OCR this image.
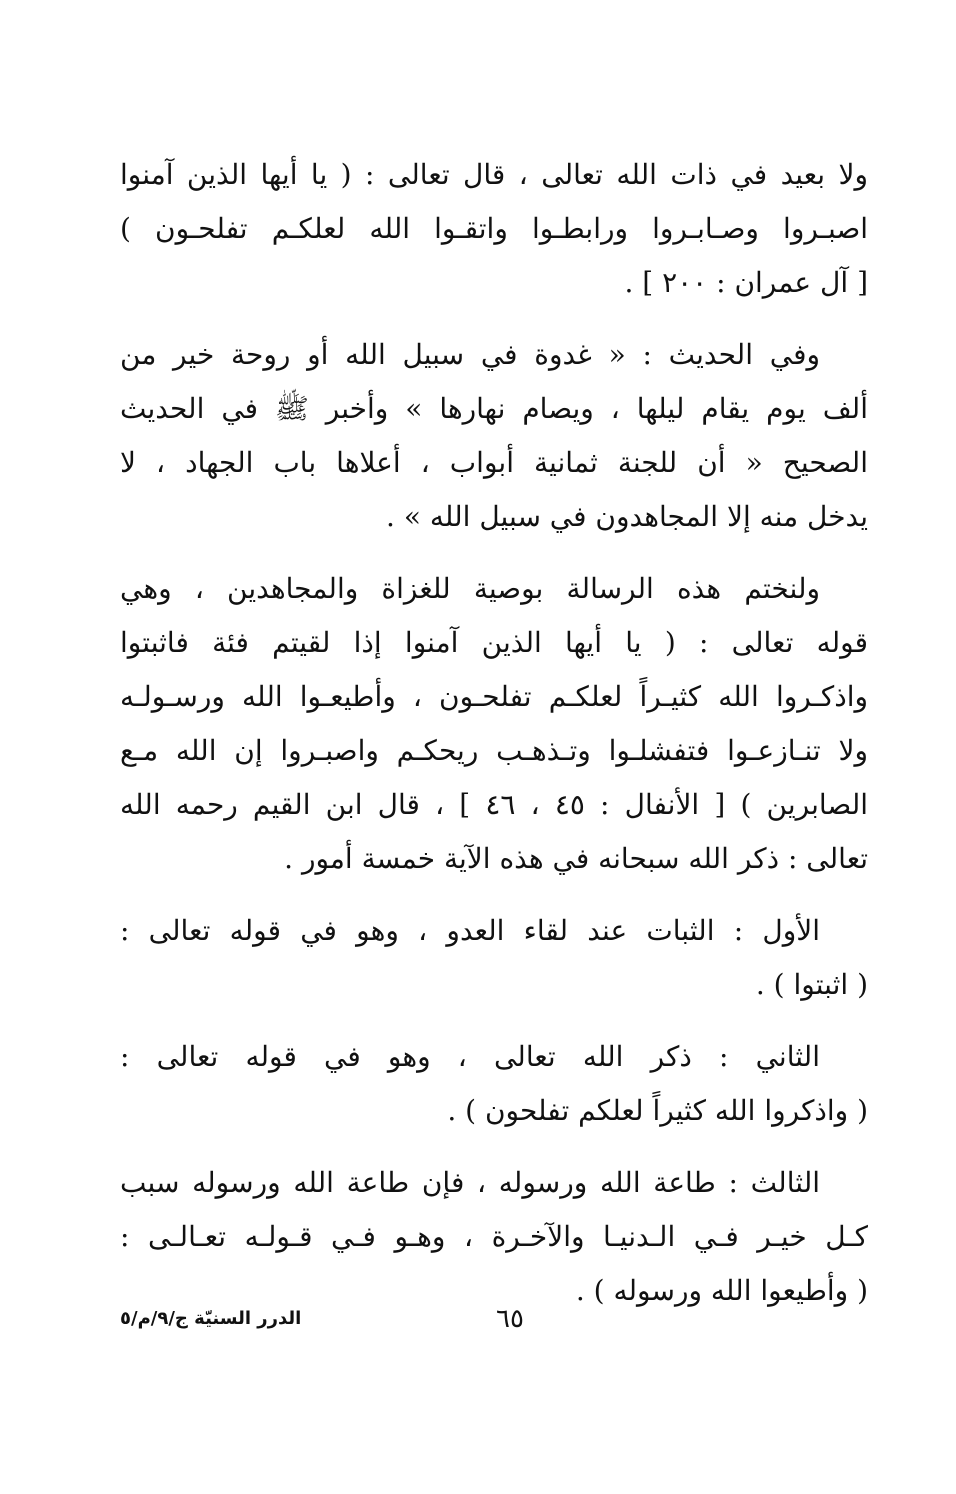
ولا بعيد في ذات الله تعالى ، قال تعالى : ( يا أيها الذين آمنوا
اصبـروا وصـابـروا ورابطـوا واتقـوا الله لعلكـم تفلحـون )
[ آل عمران : ٢٠٠ ] .

وفي الحديث : « غدوة في سبيل الله أو روحة خير من
ألف يوم يقام ليلها ، ويصام نهارها » وأخبر ﷺ في الحديث
الصحيح « أن للجنة ثمانية أبواب ، أعلاها باب الجهاد ، لا
يدخل منه إلا المجاهدون في سبيل الله » .

ولنختم هذه الرسالة بوصية للغزاة والمجاهدين ، وهي
قوله تعالى : ( يا أيها الذين آمنوا إذا لقيتم فئة فاثبتوا
واذكـروا الله كثيـراً لعلكـم تفلحـون ، وأطيعـوا الله ورسـولـه
ولا تنـازعـوا فتفشلـوا وتـذهـب ريحكـم واصبـروا إن الله مـع
الصابرين ) [ الأنفال : ٤٥ ، ٤٦ ] ، قال ابن القيم رحمه الله
تعالى : ذكر الله سبحانه في هذه الآية خمسة أمور .

الأول : الثبات عند لقاء العدو ، وهو في قوله تعالى :
( اثبتوا ) .

الثاني : ذكر الله تعالى ، وهو في قوله تعالى :
( واذكروا الله كثيراً لعلكم تفلحون ) .

الثالث : طاعة الله ورسوله ، فإن طاعة الله ورسوله سبب
كـل خيـر فـي الـدنيـا والآخـرة ، وهـو فـي قـولـه تعـالـى :
( وأطيعوا الله ورسوله ) .

٦٥
الدرر السنيّة ج/٩/م/٥
